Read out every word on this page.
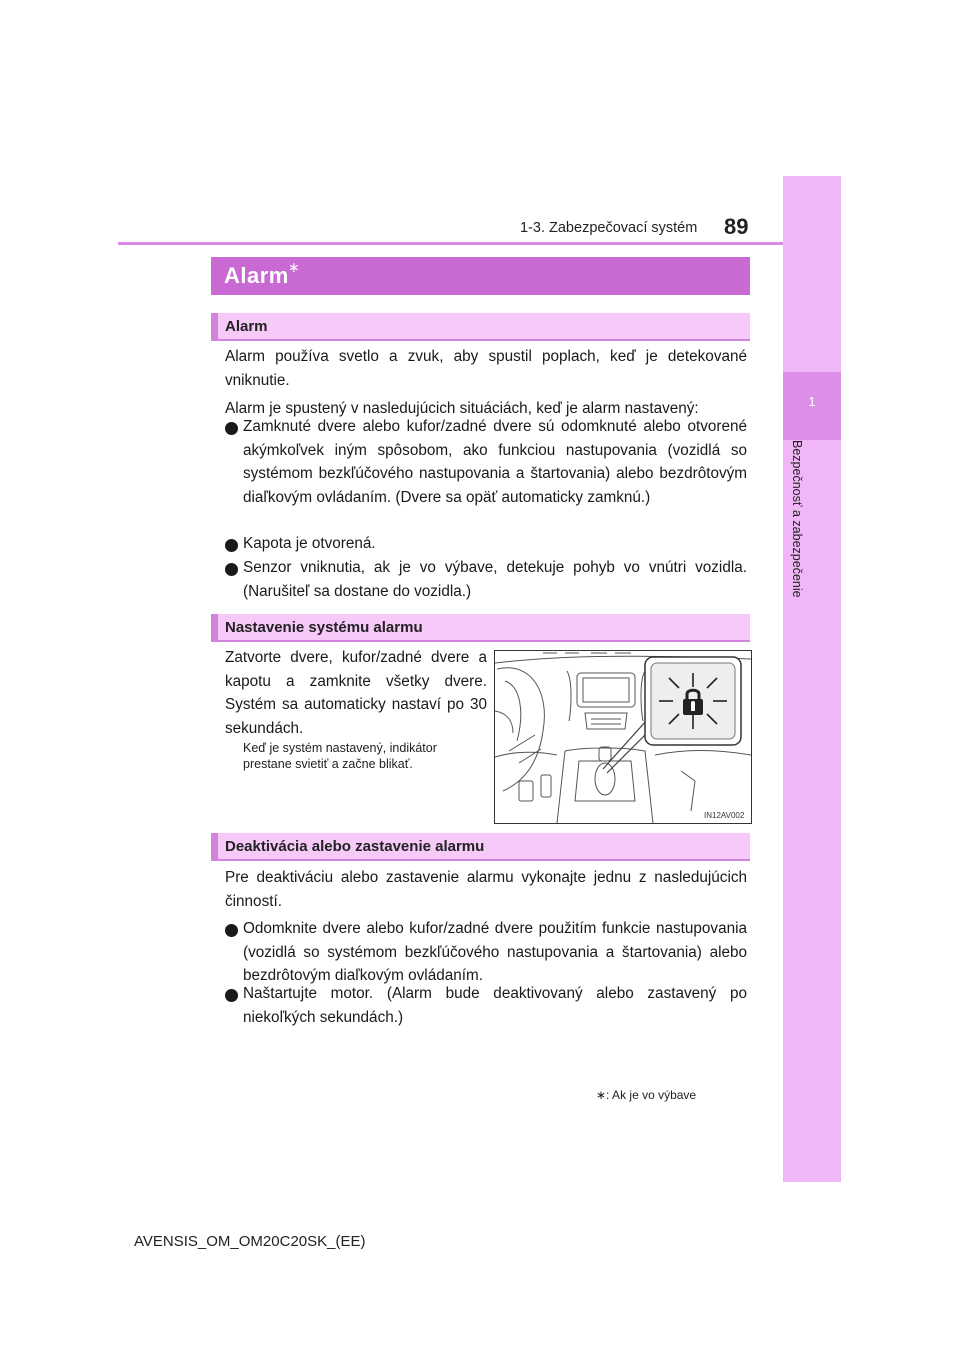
1-3. Zabezpečovací systém 89
1
Bezpečnosť a zabezpečenie
Alarm ∗
Alarm
Alarm používa svetlo a zvuk, aby spustil poplach, keď je detekované vniknutie.
Alarm je spustený v nasledujúcich situáciách, keď je alarm nastavený:
Zamknuté dvere alebo kufor/zadné dvere sú odomknuté alebo otvorené akýmkoľvek iným spôsobom, ako funkciou nastupovania (vozidlá so systémom bezkľúčového nastupovania a štartovania) alebo bezdrôtovým diaľkovým ovládaním. (Dvere sa opäť automaticky zamknú.)
Kapota je otvorená.
Senzor vniknutia, ak je vo výbave, detekuje pohyb vo vnútri vozidla. (Narušiteľ sa dostane do vozidla.)
Nastavenie systému alarmu
Zatvorte dvere, kufor/zadné dvere a kapotu a zamknite všetky dvere. Systém sa automaticky nastaví po 30 sekundách.
Keď je systém nastavený, indikátor prestane svietiť a začne blikať.
IN12AV002
Deaktivácia alebo zastavenie alarmu
Pre deaktiváciu alebo zastavenie alarmu vykonajte jednu z nasledujúcich činností.
Odomknite dvere alebo kufor/zadné dvere použitím funkcie nastupovania (vozidlá so systémom bezkľúčového nastupovania a štartovania) alebo bezdrôtovým diaľkovým ovládaním.
Naštartujte motor. (Alarm bude deaktivovaný alebo zastavený po niekoľkých sekundách.)
∗: Ak je vo výbave
AVENSIS_OM_OM20C20SK_(EE)
